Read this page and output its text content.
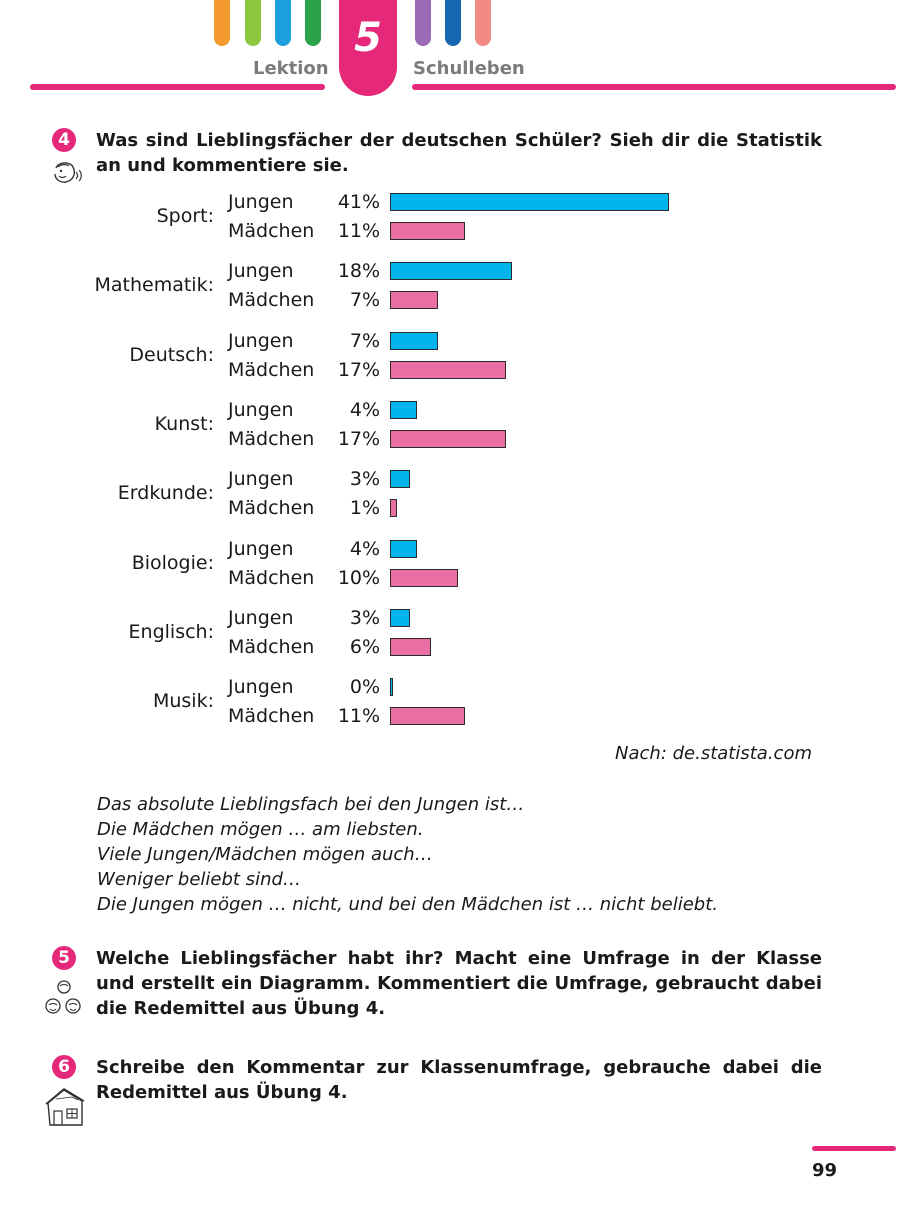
Lektion
5
Schulleben
4	Was sind Lieblingsfächer der deutschen Schüler? Sieh dir die Statistik an und kommentiere sie.
Sport:
Jungen	41 %
Mädchen	11 %
Mathematik:
Jungen	18 %
Mädchen	7 %
Deutsch:
Jungen	7 %
Mädchen	17 %
Kunst:
Jungen	4 %
Mädchen	17 %
Erdkunde:
Jungen	3 %
Mädchen	1 %
Biologie:
Jungen	4 %
Mädchen	10 %
Englisch:
Jungen	3 %
Mädchen	6 %
Musik:
Jungen	0 %
Mädchen	11 %
Nach: de.statista.com
Das absolute Lieblingsfach bei den Jungen ist…
Die Mädchen mögen … am liebsten.
Viele Jungen/Mädchen mögen auch…
Weniger beliebt sind…
Die Jungen mögen … nicht, und bei den Mädchen ist … nicht beliebt.
5	Welche Lieblingsfächer habt ihr? Macht eine Umfrage in der Klasse und erstellt ein Diagramm. Kommentiert die Umfrage, gebraucht dabei die Redemittel aus Übung 4.
6	Schreibe den Kommentar zur Klassenumfrage, gebrauche dabei die Redemittel aus Übung 4.
99
